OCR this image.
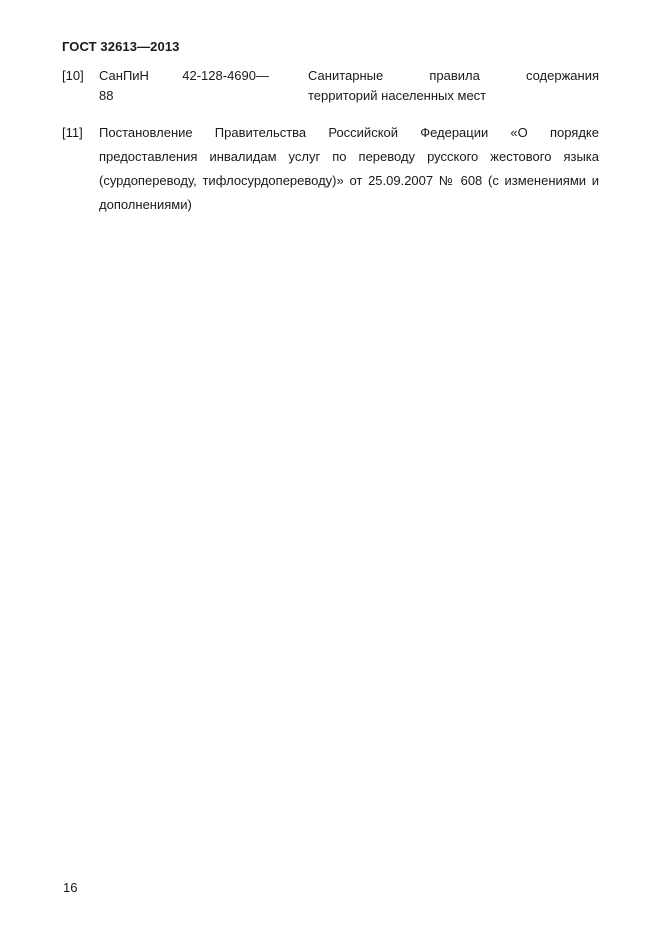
ГОСТ 32613—2013
[10] СанПиН 42-128-4690—
88
Санитарные правила содержания
территорий населенных мест
[11] Постановление Правительства Российской Федерации «О порядке предоставления инвалидам услуг по переводу русского жестового языка (сурдопереводу, тифлосурдопереводу)» от 25.09.2007 № 608 (с изменениями и дополнениями)
16
